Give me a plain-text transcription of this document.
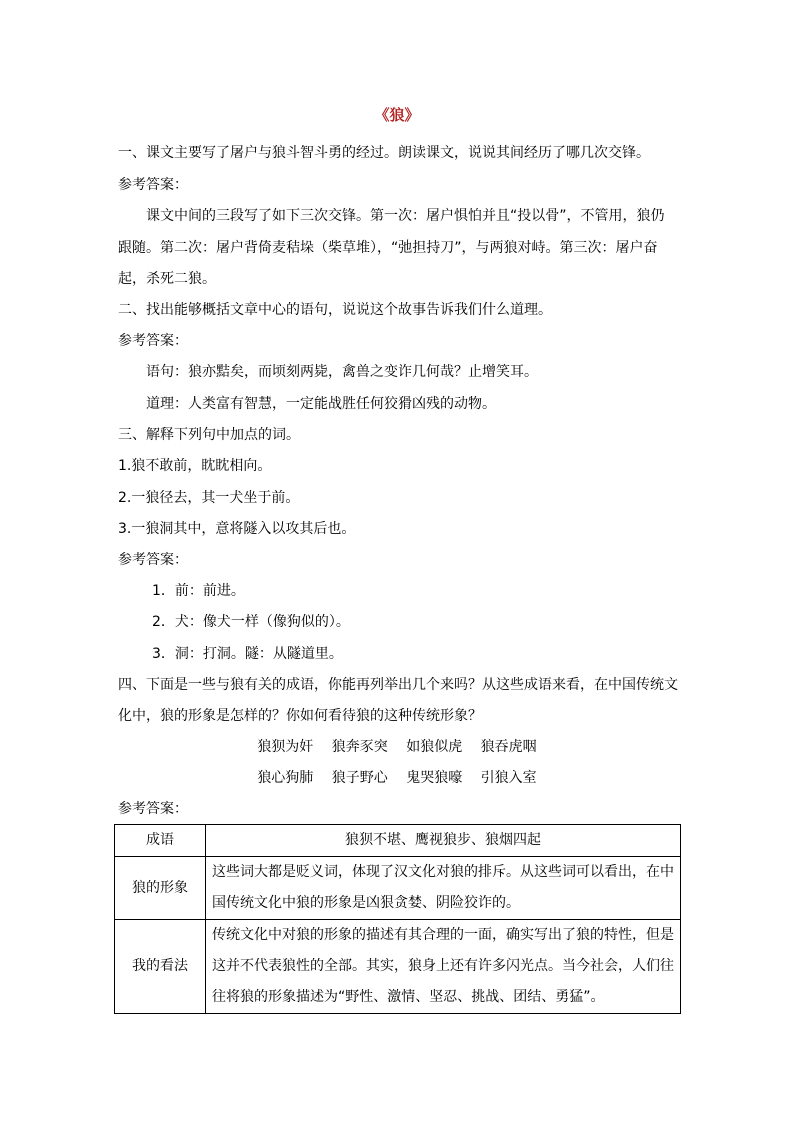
《狼》
一、课文主要写了屠户与狼斗智斗勇的经过。朗读课文，说说其间经历了哪几次交锋。
参考答案：
课文中间的三段写了如下三次交锋。第一次：屠户惧怕并且“投以骨”，不管用，狼仍
跟随。第二次：屠户背倚麦秸垛（柴草堆），“弛担持刀”，与两狼对峙。第三次：屠户奋
起，杀死二狼。
二、找出能够概括文章中心的语句，说说这个故事告诉我们什么道理。
参考答案：
语句：狼亦黠矣，而顷刻两毙，禽兽之变诈几何哉？止增笑耳。
道理：人类富有智慧，一定能战胜任何狡猾凶残的动物。
三、解释下列句中加点的词。
1.狼不敢前，眈眈相向。
2.一狼径去，其一犬坐于前。
3.一狼洞其中，意将隧入以攻其后也。
参考答案：
1．前：前进。
2．犬：像犬一样（像狗似的）。
3．洞：打洞。隧：从隧道里。
四、下面是一些与狼有关的成语，你能再列举出几个来吗？从这些成语来看，在中国传统文
化中，狼的形象是怎样的？你如何看待狼的这种传统形象？
狼狈为奸 狼奔豕突 如狼似虎 狼吞虎咽
狼心狗肺 狼子野心 鬼哭狼嚎 引狼入室
参考答案：
成语	狼狈不堪、鹰视狼步、狼烟四起
狼的形象	这些词大都是贬义词，体现了汉文化对狼的排斥。从这些词可以看出，在中国传统文化中狼的形象是凶狠贪婪、阴险狡诈的。
我的看法	传统文化中对狼的形象的描述有其合理的一面，确实写出了狼的特性，但是这并不代表狼性的全部。其实，狼身上还有许多闪光点。当今社会，人们往往将狼的形象描述为“野性、激情、坚忍、挑战、团结、勇猛”。
